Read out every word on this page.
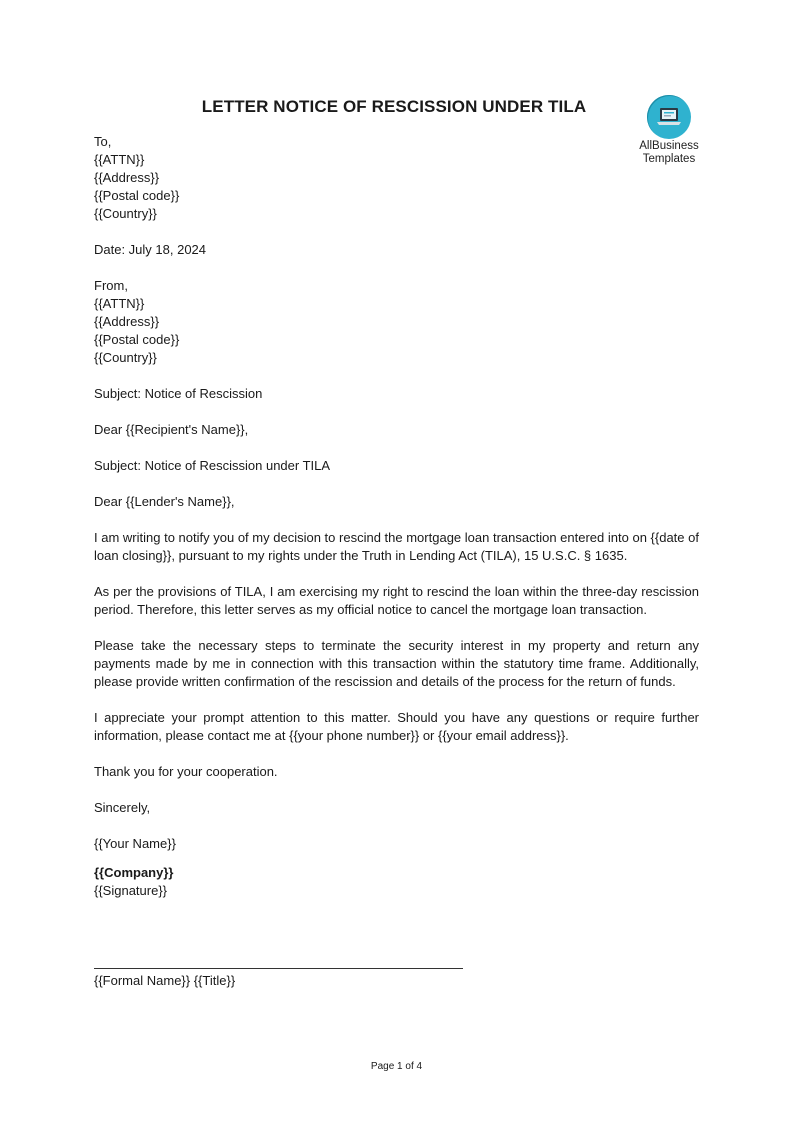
LETTER NOTICE OF RESCISSION UNDER TILA
AllBusiness
Templates
To,
{{ATTN}}
{{Address}}
{{Postal code}}
{{Country}}
Date: July 18, 2024
From,
{{ATTN}}
{{Address}}
{{Postal code}}
{{Country}}
Subject: Notice of Rescission
Dear {{Recipient's Name}},
Subject: Notice of Rescission under TILA
Dear {{Lender's Name}},
I am writing to notify you of my decision to rescind the mortgage loan transaction entered into on {{date of loan closing}}, pursuant to my rights under the Truth in Lending Act (TILA), 15 U.S.C. § 1635.
As per the provisions of TILA, I am exercising my right to rescind the loan within the three-day rescission period. Therefore, this letter serves as my official notice to cancel the mortgage loan transaction.
Please take the necessary steps to terminate the security interest in my property and return any payments made by me in connection with this transaction within the statutory time frame. Additionally, please provide written confirmation of the rescission and details of the process for the return of funds.
I appreciate your prompt attention to this matter. Should you have any questions or require further information, please contact me at {{your phone number}} or {{your email address}}.
Thank you for your cooperation.
Sincerely,
{{Your Name}}
{{Company}}
{{Signature}}
{{Formal Name}} {{Title}}
Page 1 of 4
